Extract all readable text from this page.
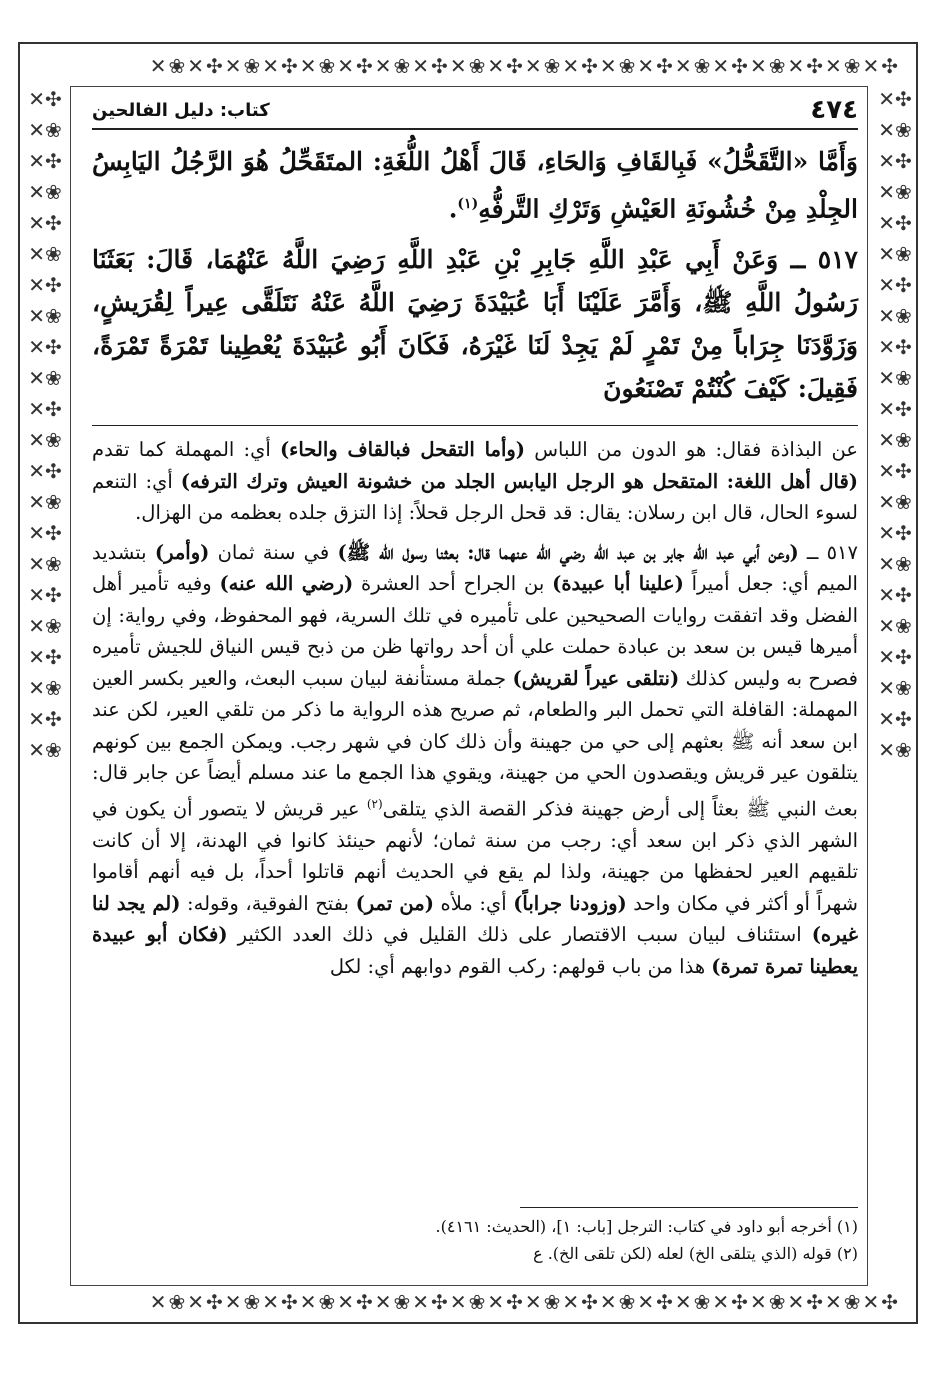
✣✕❀✕✣✕❀✕✣✕❀✕✣✕❀✕✣✕❀✕✣✕❀✕✣✕❀✕✣✕❀✕✣✕❀✕✣✕❀✕
✣✕❀✕✣✕❀✕✣✕❀✕✣✕❀✕✣✕❀✕✣✕❀✕✣✕❀✕✣✕❀✕✣✕❀✕✣✕❀✕
✣✕❀✕✣✕❀✕✣✕❀✕✣✕❀✕✣✕❀✕✣✕❀✕✣✕❀✕✣✕❀✕✣✕❀✕✣✕❀✕✣✕❀✕
✣✕❀✕✣✕❀✕✣✕❀✕✣✕❀✕✣✕❀✕✣✕❀✕✣✕❀✕✣✕❀✕✣✕❀✕✣✕❀✕✣✕❀✕
٤٧٤
كتاب: دليل الفالحين

وَأَمَّا «التَّقَحُّلُ» فَبِالقَافِ وَالحَاءِ، قَالَ أَهْلُ اللُّغَةِ: المتَقَحِّلُ هُوَ الرَّجُلُ اليَابِسُ الجِلْدِ مِنْ خُشُونَةِ العَيْشِ وَتَرْكِ التَّرفُّهِ$^{(١)}$.

٥١٧ ــ وَعَنْ أَبِي عَبْدِ اللَّهِ جَابِرِ بْنِ عَبْدِ اللَّهِ رَضِيَ اللَّهُ عَنْهُمَا، قَالَ: بَعَثَنَا رَسُولُ اللَّهِ ﷺ، وَأَمَّرَ عَلَيْنَا أَبَا عُبَيْدَةَ رَضِيَ اللَّهُ عَنْهُ نَتَلَقَّى عِيراً لِقُرَيشٍ، وَزَوَّدَنَا جِرَاباً مِنْ تَمْرٍ لَمْ يَجِدْ لَنَا غَيْرَهُ، فَكَانَ أَبُو عُبَيْدَةَ يُعْطِينا تَمْرَةً تَمْرَةً، فَقِيلَ: كَيْفَ كُنْتُمْ تَصْنَعُونَ

عن البذاذة فقال: هو الدون من اللباس (وأما التقحل فبالقاف والحاء) أي: المهملة كما تقدم (قال أهل اللغة: المتقحل هو الرجل اليابس الجلد من خشونة العيش وترك الترفه) أي: التنعم لسوء الحال، قال ابن رسلان: يقال: قد قحل الرجل قحلاً: إذا التزق جلده بعظمه من الهزال.

٥١٧ ــ (وعن أبي عبد الله جابر بن عبد الله رضي الله عنهما قال: بعثنا رسول الله ﷺ) في سنة ثمان (وأمر) بتشديد الميم أي: جعل أميراً (علينا أبا عبيدة) بن الجراح أحد العشرة (رضي الله عنه) وفيه تأمير أهل الفضل وقد اتفقت روايات الصحيحين على تأميره في تلك السرية، فهو المحفوظ، وفي رواية: إن أميرها قيس بن سعد بن عبادة حملت علي أن أحد رواتها ظن من ذبح قيس النياق للجيش تأميره فصرح به وليس كذلك (نتلقى عيراً لقريش) جملة مستأنفة لبيان سبب البعث، والعير بكسر العين المهملة: القافلة التي تحمل البر والطعام، ثم صريح هذه الرواية ما ذكر من تلقي العير، لكن عند ابن سعد أنه ﷺ بعثهم إلى حي من جهينة وأن ذلك كان في شهر رجب. ويمكن الجمع بين كونهم يتلقون عير قريش ويقصدون الحي من جهينة، ويقوي هذا الجمع ما عند مسلم أيضاً عن جابر قال: بعث النبي ﷺ بعثاً إلى أرض جهينة فذكر القصة الذي يتلقى$^{(٢)}$ عير قريش لا يتصور أن يكون في الشهر الذي ذكر ابن سعد أي: رجب من سنة ثمان؛ لأنهم حينئذ كانوا في الهدنة، إلا أن كانت تلقيهم العير لحفظها من جهينة، ولذا لم يقع في الحديث أنهم قاتلوا أحداً، بل فيه أنهم أقاموا شهراً أو أكثر في مكان واحد (وزودنا جراباً) أي: ملأه (من تمر) بفتح الفوقية، وقوله: (لم يجد لنا غيره) استئناف لبيان سبب الاقتصار على ذلك القليل في ذلك العدد الكثير (فكان أبو عبيدة يعطينا تمرة تمرة) هذا من باب قولهم: ركب القوم دوابهم أي: لكل

(١) أخرجه أبو داود في كتاب: الترجل [باب: ١]، (الحديث: ٤١٦١).
(٢) قوله (الذي يتلقى الخ) لعله (لكن تلقى الخ). ع
